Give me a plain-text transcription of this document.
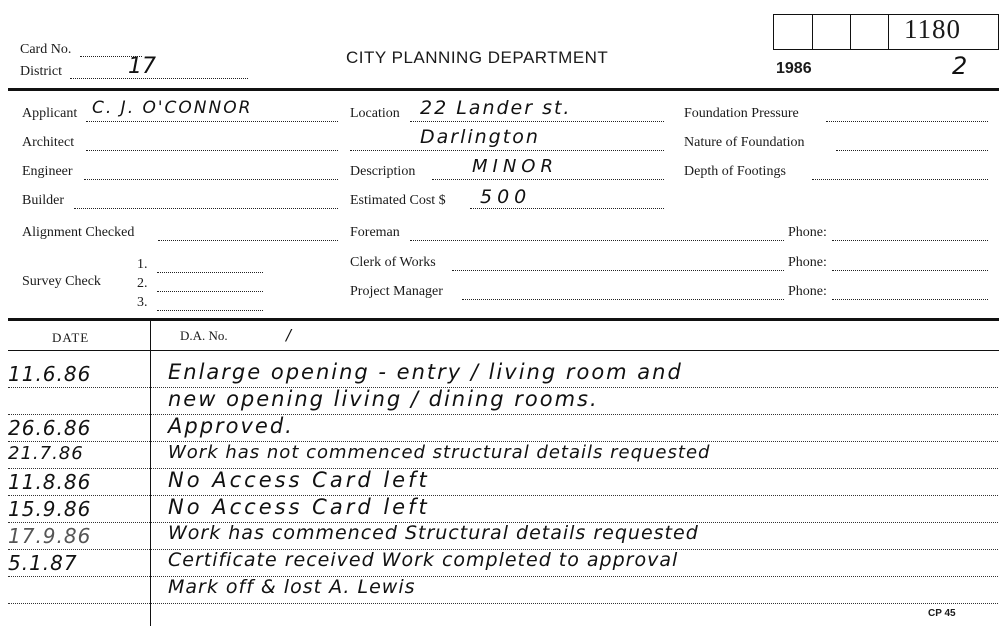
Card No.
District	17	CITY PLANNING DEPARTMENT
1180
1986	2
Applicant C. J. O'CONNOR
Architect
Engineer
Builder
Alignment Checked
Survey Check
1.
2.
3.
Location 22 Lander st.
Darlington
Description	MINOR
Estimated Cost $ 500
Foreman
Clerk of Works
Project Manager
Foundation Pressure
Nature of Foundation
Depth of Footings
Phone:
Phone:
Phone:
DATE	D.A. No.	/
11.6.86	Enlarge opening - entry / living room and
new opening living / dining rooms.
26.6.86	Approved.
21.7.86	Work has not commenced structural details requested
11.8.86	No Access Card left
15.9.86	No Access Card left
17.9.86	Work has commenced Structural details requested
5.1.87	Certificate received Work completed to approval
Mark off & lost A. Lewis
CP 45
